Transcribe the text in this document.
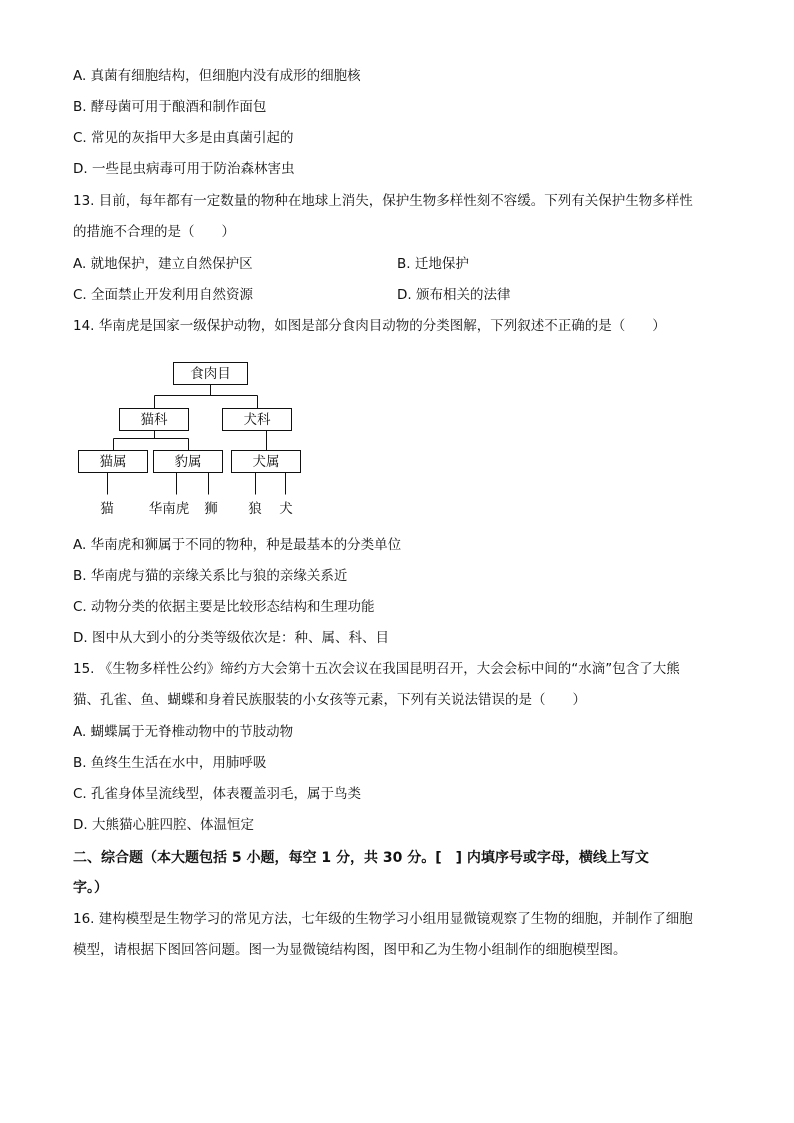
A. 真菌有细胞结构，但细胞内没有成形的细胞核
B. 酵母菌可用于酿酒和制作面包
C. 常见的灰指甲大多是由真菌引起的
D. 一些昆虫病毒可用于防治森林害虫
13. 目前，每年都有一定数量的物种在地球上消失，保护生物多样性刻不容缓。下列有关保护生物多样性
的措施不合理的是（　　）
A. 就地保护，建立自然保护区	B. 迁地保护
C. 全面禁止开发利用自然资源	D. 颁布相关的法律
14. 华南虎是国家一级保护动物，如图是部分食肉目动物的分类图解，下列叙述不正确的是（　　）
食肉目
猫科	犬科
猫属	豹属	犬属
猫	华南虎 狮 狼 犬
A. 华南虎和狮属于不同的物种，种是最基本的分类单位
B. 华南虎与猫的亲缘关系比与狼的亲缘关系近
C. 动物分类的依据主要是比较形态结构和生理功能
D. 图中从大到小的分类等级依次是：种、属、科、目
15. 《生物多样性公约》缔约方大会第十五次会议在我国昆明召开，大会会标中间的“水滴”包含了大熊
猫、孔雀、鱼、蝴蝶和身着民族服装的小女孩等元素，下列有关说法错误的是（　　）
A. 蝴蝶属于无脊椎动物中的节肢动物
B. 鱼终生生活在水中，用肺呼吸
C. 孔雀身体呈流线型，体表覆盖羽毛，属于鸟类
D. 大熊猫心脏四腔、体温恒定
二、综合题（本大题包括 5 小题，每空 1 分，共 30 分。[　] 内填序号或字母，横线上写文
字。）
16. 建构模型是生物学习的常见方法，七年级的生物学习小组用显微镜观察了生物的细胞，并制作了细胞
模型，请根据下图回答问题。图一为显微镜结构图，图甲和乙为生物小组制作的细胞模型图。
